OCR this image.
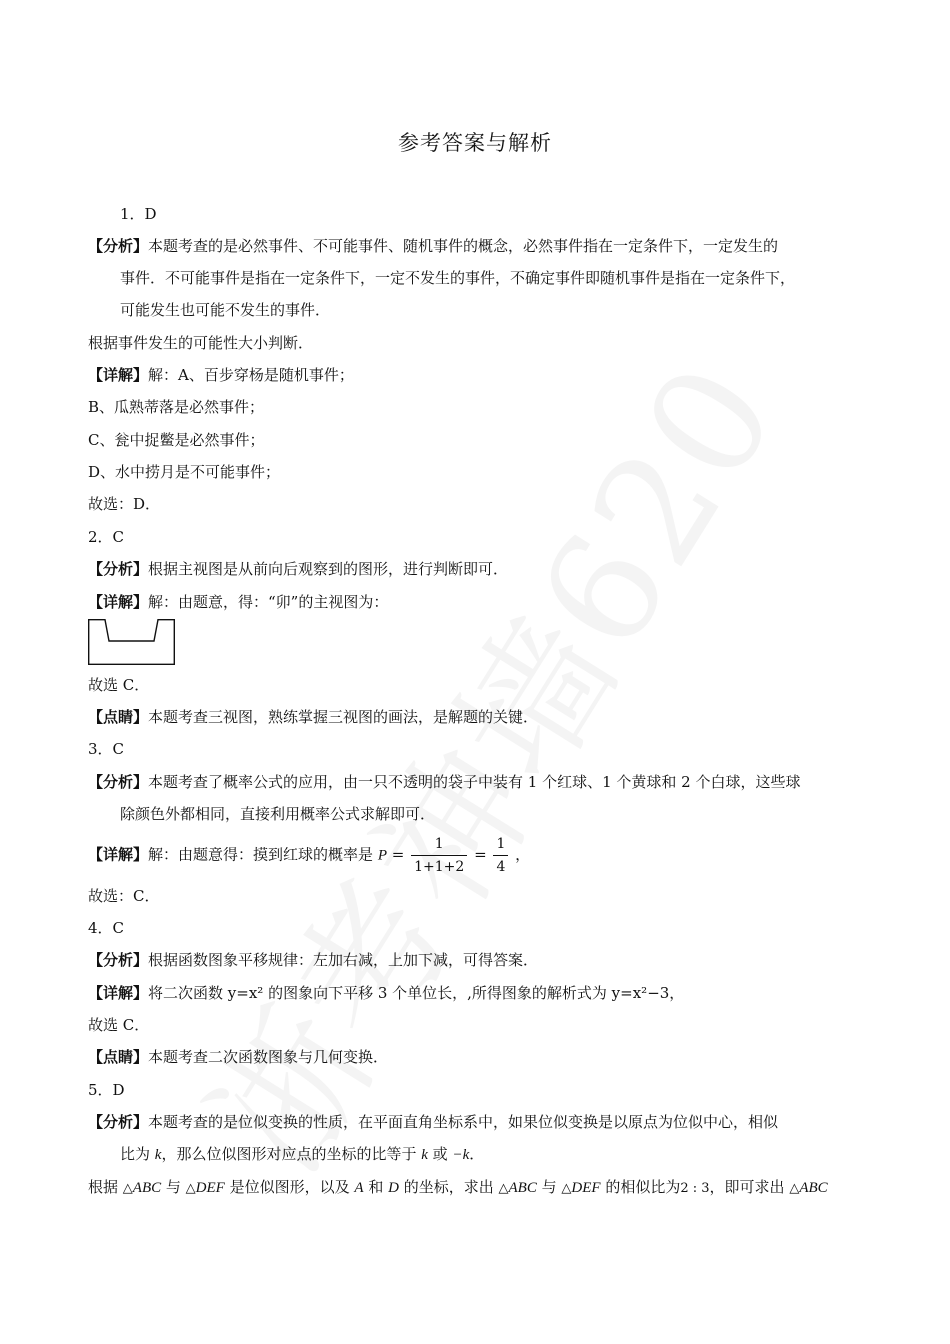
参考答案与解析
1．D
【分析】本题考查的是必然事件、不可能事件、随机事件的概念，必然事件指在一定条件下，一定发生的
事件．不可能事件是指在一定条件下，一定不发生的事件，不确定事件即随机事件是指在一定条件下，
可能发生也可能不发生的事件．
根据事件发生的可能性大小判断．
【详解】解：A、百步穿杨是随机事件；
B、瓜熟蒂落是必然事件；
C、瓮中捉鳖是必然事件；
D、水中捞月是不可能事件；
故选：D．
2．C
【分析】根据主视图是从前向后观察到的图形，进行判断即可．
【详解】解：由题意，得：“卯”的主视图为：
故选 C．
【点睛】本题考查三视图，熟练掌握三视图的画法，是解题的关键．
3．C
【分析】本题考查了概率公式的应用，由一只不透明的袋子中装有 1 个红球、1 个黄球和 2 个白球，这些球
除颜色外都相同，直接利用概率公式求解即可．
【详解】解：由题意得：摸到红球的概率是 $P = \frac{1}{1+1+2} = \frac{1}{4}$ ，
故选：C．
4．C
【分析】根据函数图象平移规律：左加右减，上加下减，可得答案．
【详解】将二次函数 y=x² 的图象向下平移 3 个单位长，,所得图象的解析式为 y=x²−3，
故选 C．
【点睛】本题考查二次函数图象与几何变换．
5．D
【分析】本题考查的是位似变换的性质，在平面直角坐标系中，如果位似变换是以原点为位似中心，相似
比为 k，那么位似图形对应点的坐标的比等于 k 或 −k．
根据 △ABC 与 △DEF 是位似图形，以及 A 和 D 的坐标，求出 △ABC 与 △DEF 的相似比为2 : 3，即可求出 △ABC
